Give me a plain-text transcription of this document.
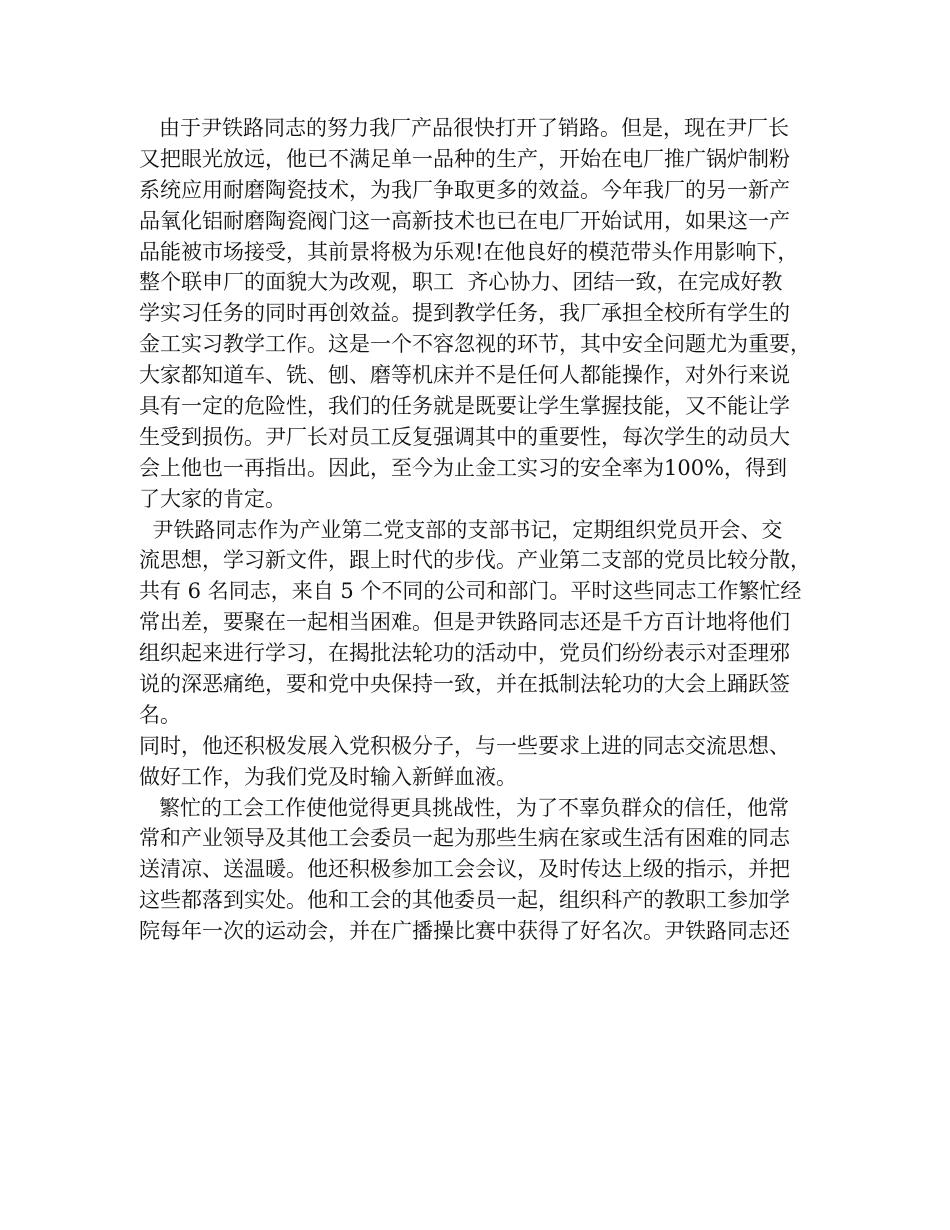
由于尹铁路同志的努力我厂产品很快打开了销路。但是，现在尹厂长
又把眼光放远，他已不满足单一品种的生产，开始在电厂推广锅炉制粉
系统应用耐磨陶瓷技术，为我厂争取更多的效益。今年我厂的另一新产
品氧化铝耐磨陶瓷阀门这一高新技术也已在电厂开始试用，如果这一产
品能被市场接受，其前景将极为乐观!在他良好的模范带头作用影响下，
整个联申厂的面貌大为改观，职工  齐心协力、团结一致，在完成好教
学实习任务的同时再创效益。提到教学任务，我厂承担全校所有学生的
金工实习教学工作。这是一个不容忽视的环节，其中安全问题尤为重要，
大家都知道车、铣、刨、磨等机床并不是任何人都能操作，对外行来说
具有一定的危险性，我们的任务就是既要让学生掌握技能，又不能让学
生受到损伤。尹厂长对员工反复强调其中的重要性，每次学生的动员大
会上他也一再指出。因此，至今为止金工实习的安全率为100%，得到
了大家的肯定。
尹铁路同志作为产业第二党支部的支部书记，定期组织党员开会、交
流思想，学习新文件，跟上时代的步伐。产业第二支部的党员比较分散，
共有 6 名同志，来自 5 个不同的公司和部门。平时这些同志工作繁忙经
常出差，要聚在一起相当困难。但是尹铁路同志还是千方百计地将他们
组织起来进行学习，在揭批法轮功的活动中，党员们纷纷表示对歪理邪
说的深恶痛绝，要和党中央保持一致，并在抵制法轮功的大会上踊跃签
名。
同时，他还积极发展入党积极分子，与一些要求上进的同志交流思想、
做好工作，为我们党及时输入新鲜血液。
繁忙的工会工作使他觉得更具挑战性，为了不辜负群众的信任，他常
常和产业领导及其他工会委员一起为那些生病在家或生活有困难的同志
送清凉、送温暖。他还积极参加工会会议，及时传达上级的指示，并把
这些都落到实处。他和工会的其他委员一起，组织科产的教职工参加学
院每年一次的运动会，并在广播操比赛中获得了好名次。尹铁路同志还
